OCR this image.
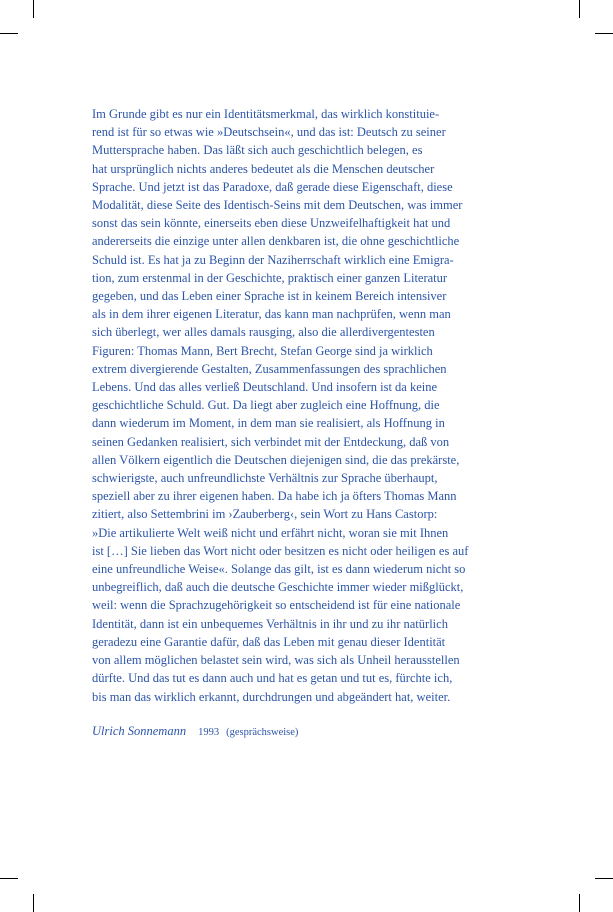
Im Grunde gibt es nur ein Identitätsmerkmal, das wirklich konstituie-
rend ist für so etwas wie »Deutschsein«, und das ist: Deutsch zu seiner
Muttersprache haben. Das läßt sich auch geschichtlich belegen, es
hat ursprünglich nichts anderes bedeutet als die Menschen deutscher
Sprache. Und jetzt ist das Paradoxe, daß gerade diese Eigenschaft, diese
Modalität, diese Seite des Identisch-Seins mit dem Deutschen, was immer
sonst das sein könnte, einerseits eben diese Unzweifelhaftigkeit hat und
andererseits die einzige unter allen denkbaren ist, die ohne geschichtliche
Schuld ist. Es hat ja zu Beginn der Naziherrschaft wirklich eine Emigra-
tion, zum erstenmal in der Geschichte, praktisch einer ganzen Literatur
gegeben, und das Leben einer Sprache ist in keinem Bereich intensiver
als in dem ihrer eigenen Literatur, das kann man nachprüfen, wenn man
sich überlegt, wer alles damals rausging, also die allerdivergentesten
Figuren: Thomas Mann, Bert Brecht, Stefan George sind ja wirklich
extrem divergierende Gestalten, Zusammenfassungen des sprachlichen
Lebens. Und das alles verließ Deutschland. Und insofern ist da keine
geschichtliche Schuld. Gut. Da liegt aber zugleich eine Hoffnung, die
dann wiederum im Moment, in dem man sie realisiert, als Hoffnung in
seinen Gedanken realisiert, sich verbindet mit der Entdeckung, daß von
allen Völkern eigentlich die Deutschen diejenigen sind, die das prekärste,
schwierigste, auch unfreundlichste Verhältnis zur Sprache überhaupt,
speziell aber zu ihrer eigenen haben. Da habe ich ja öfters Thomas Mann
zitiert, also Settembrini im ›Zauberberg‹, sein Wort zu Hans Castorp:
»Die artikulierte Welt weiß nicht und erfährt nicht, woran sie mit Ihnen
ist […] Sie lieben das Wort nicht oder besitzen es nicht oder heiligen es auf
eine unfreundliche Weise«. Solange das gilt, ist es dann wiederum nicht so
unbegreiflich, daß auch die deutsche Geschichte immer wieder mißglückt,
weil: wenn die Sprachzugehörigkeit so entscheidend ist für eine nationale
Identität, dann ist ein unbequemes Verhältnis in ihr und zu ihr natürlich
geradezu eine Garantie dafür, daß das Leben mit genau dieser Identität
von allem möglichen belastet sein wird, was sich als Unheil herausstellen
dürfte. Und das tut es dann auch und hat es getan und tut es, fürchte ich,
bis man das wirklich erkannt, durchdrungen und abgeändert hat, weiter.
Ulrich Sonnemann 1993 (gesprächsweise)
